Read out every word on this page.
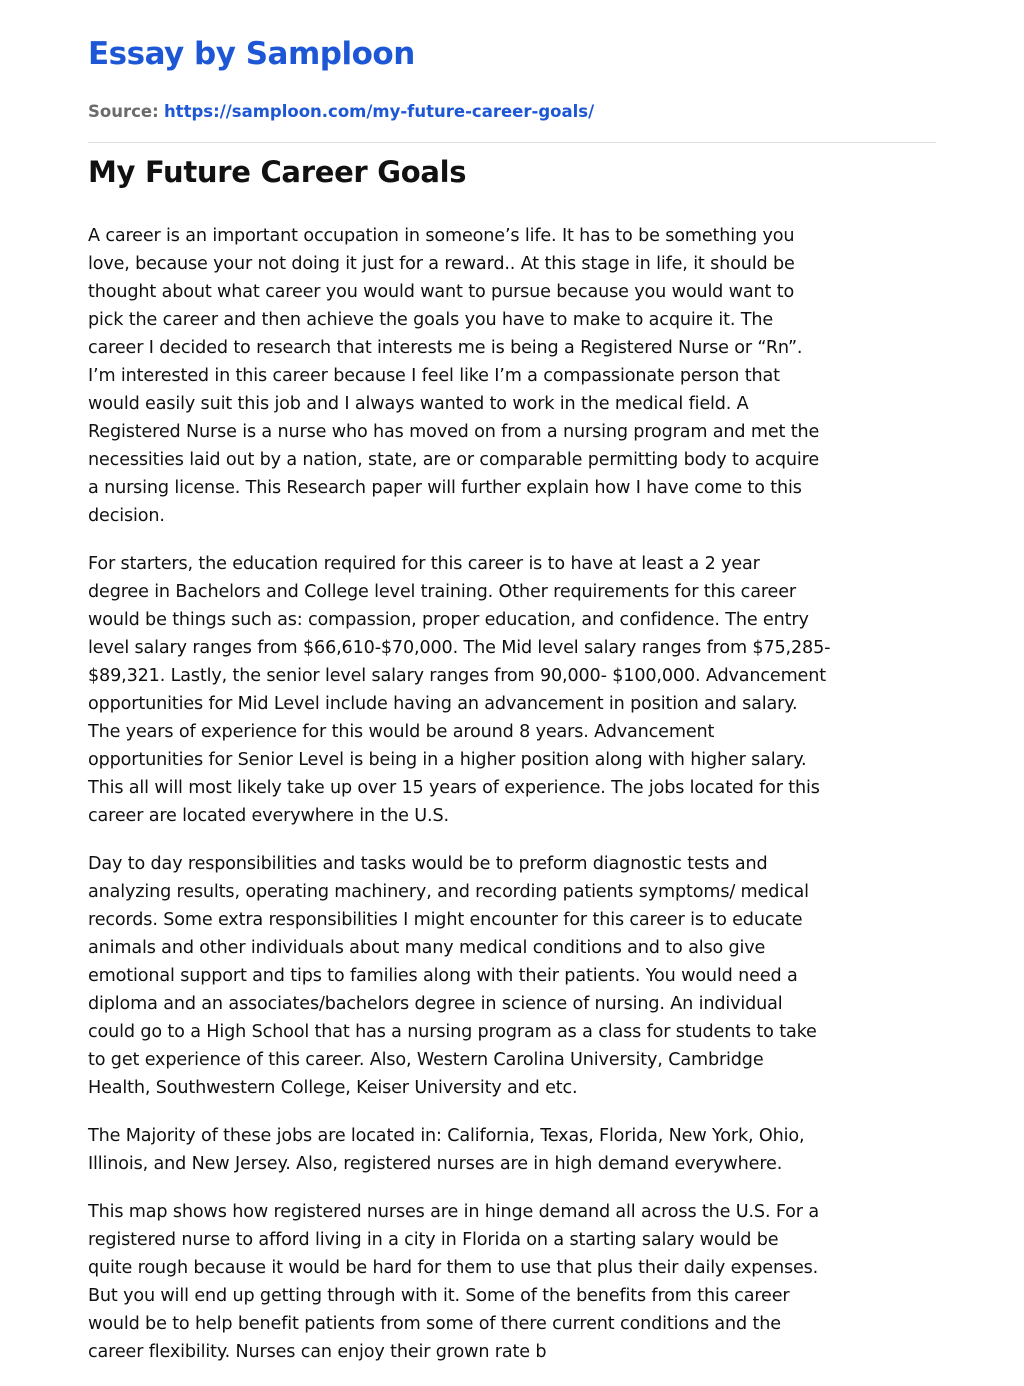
Essay by Samploon
Source: https://samploon.com/my-future-career-goals/
My Future Career Goals

A career is an important occupation in someone’s life. It has to be something you
love, because your not doing it just for a reward.. At this stage in life, it should be
thought about what career you would want to pursue because you would want to
pick the career and then achieve the goals you have to make to acquire it. The
career I decided to research that interests me is being a Registered Nurse or “Rn”.
I’m interested in this career because I feel like I’m a compassionate person that
would easily suit this job and I always wanted to work in the medical field. A
Registered Nurse is a nurse who has moved on from a nursing program and met the
necessities laid out by a nation, state, are or comparable permitting body to acquire
a nursing license. This Research paper will further explain how I have come to this
decision.

For starters, the education required for this career is to have at least a 2 year
degree in Bachelors and College level training. Other requirements for this career
would be things such as: compassion, proper education, and confidence. The entry
level salary ranges from $66,610-$70,000. The Mid level salary ranges from $75,285-
$89,321. Lastly, the senior level salary ranges from 90,000- $100,000. Advancement
opportunities for Mid Level include having an advancement in position and salary.
The years of experience for this would be around 8 years. Advancement
opportunities for Senior Level is being in a higher position along with higher salary.
This all will most likely take up over 15 years of experience. The jobs located for this
career are located everywhere in the U.S.

Day to day responsibilities and tasks would be to preform diagnostic tests and
analyzing results, operating machinery, and recording patients symptoms/ medical
records. Some extra responsibilities I might encounter for this career is to educate
animals and other individuals about many medical conditions and to also give
emotional support and tips to families along with their patients. You would need a
diploma and an associates/bachelors degree in science of nursing. An individual
could go to a High School that has a nursing program as a class for students to take
to get experience of this career. Also, Western Carolina University, Cambridge
Health, Southwestern College, Keiser University and etc.

The Majority of these jobs are located in: California, Texas, Florida, New York, Ohio,
Illinois, and New Jersey. Also, registered nurses are in high demand everywhere.

This map shows how registered nurses are in hinge demand all across the U.S. For a
registered nurse to afford living in a city in Florida on a starting salary would be
quite rough because it would be hard for them to use that plus their daily expenses.
But you will end up getting through with it. Some of the benefits from this career
would be to help benefit patients from some of there current conditions and the
career flexibility. Nurses can enjoy their grown rate b
